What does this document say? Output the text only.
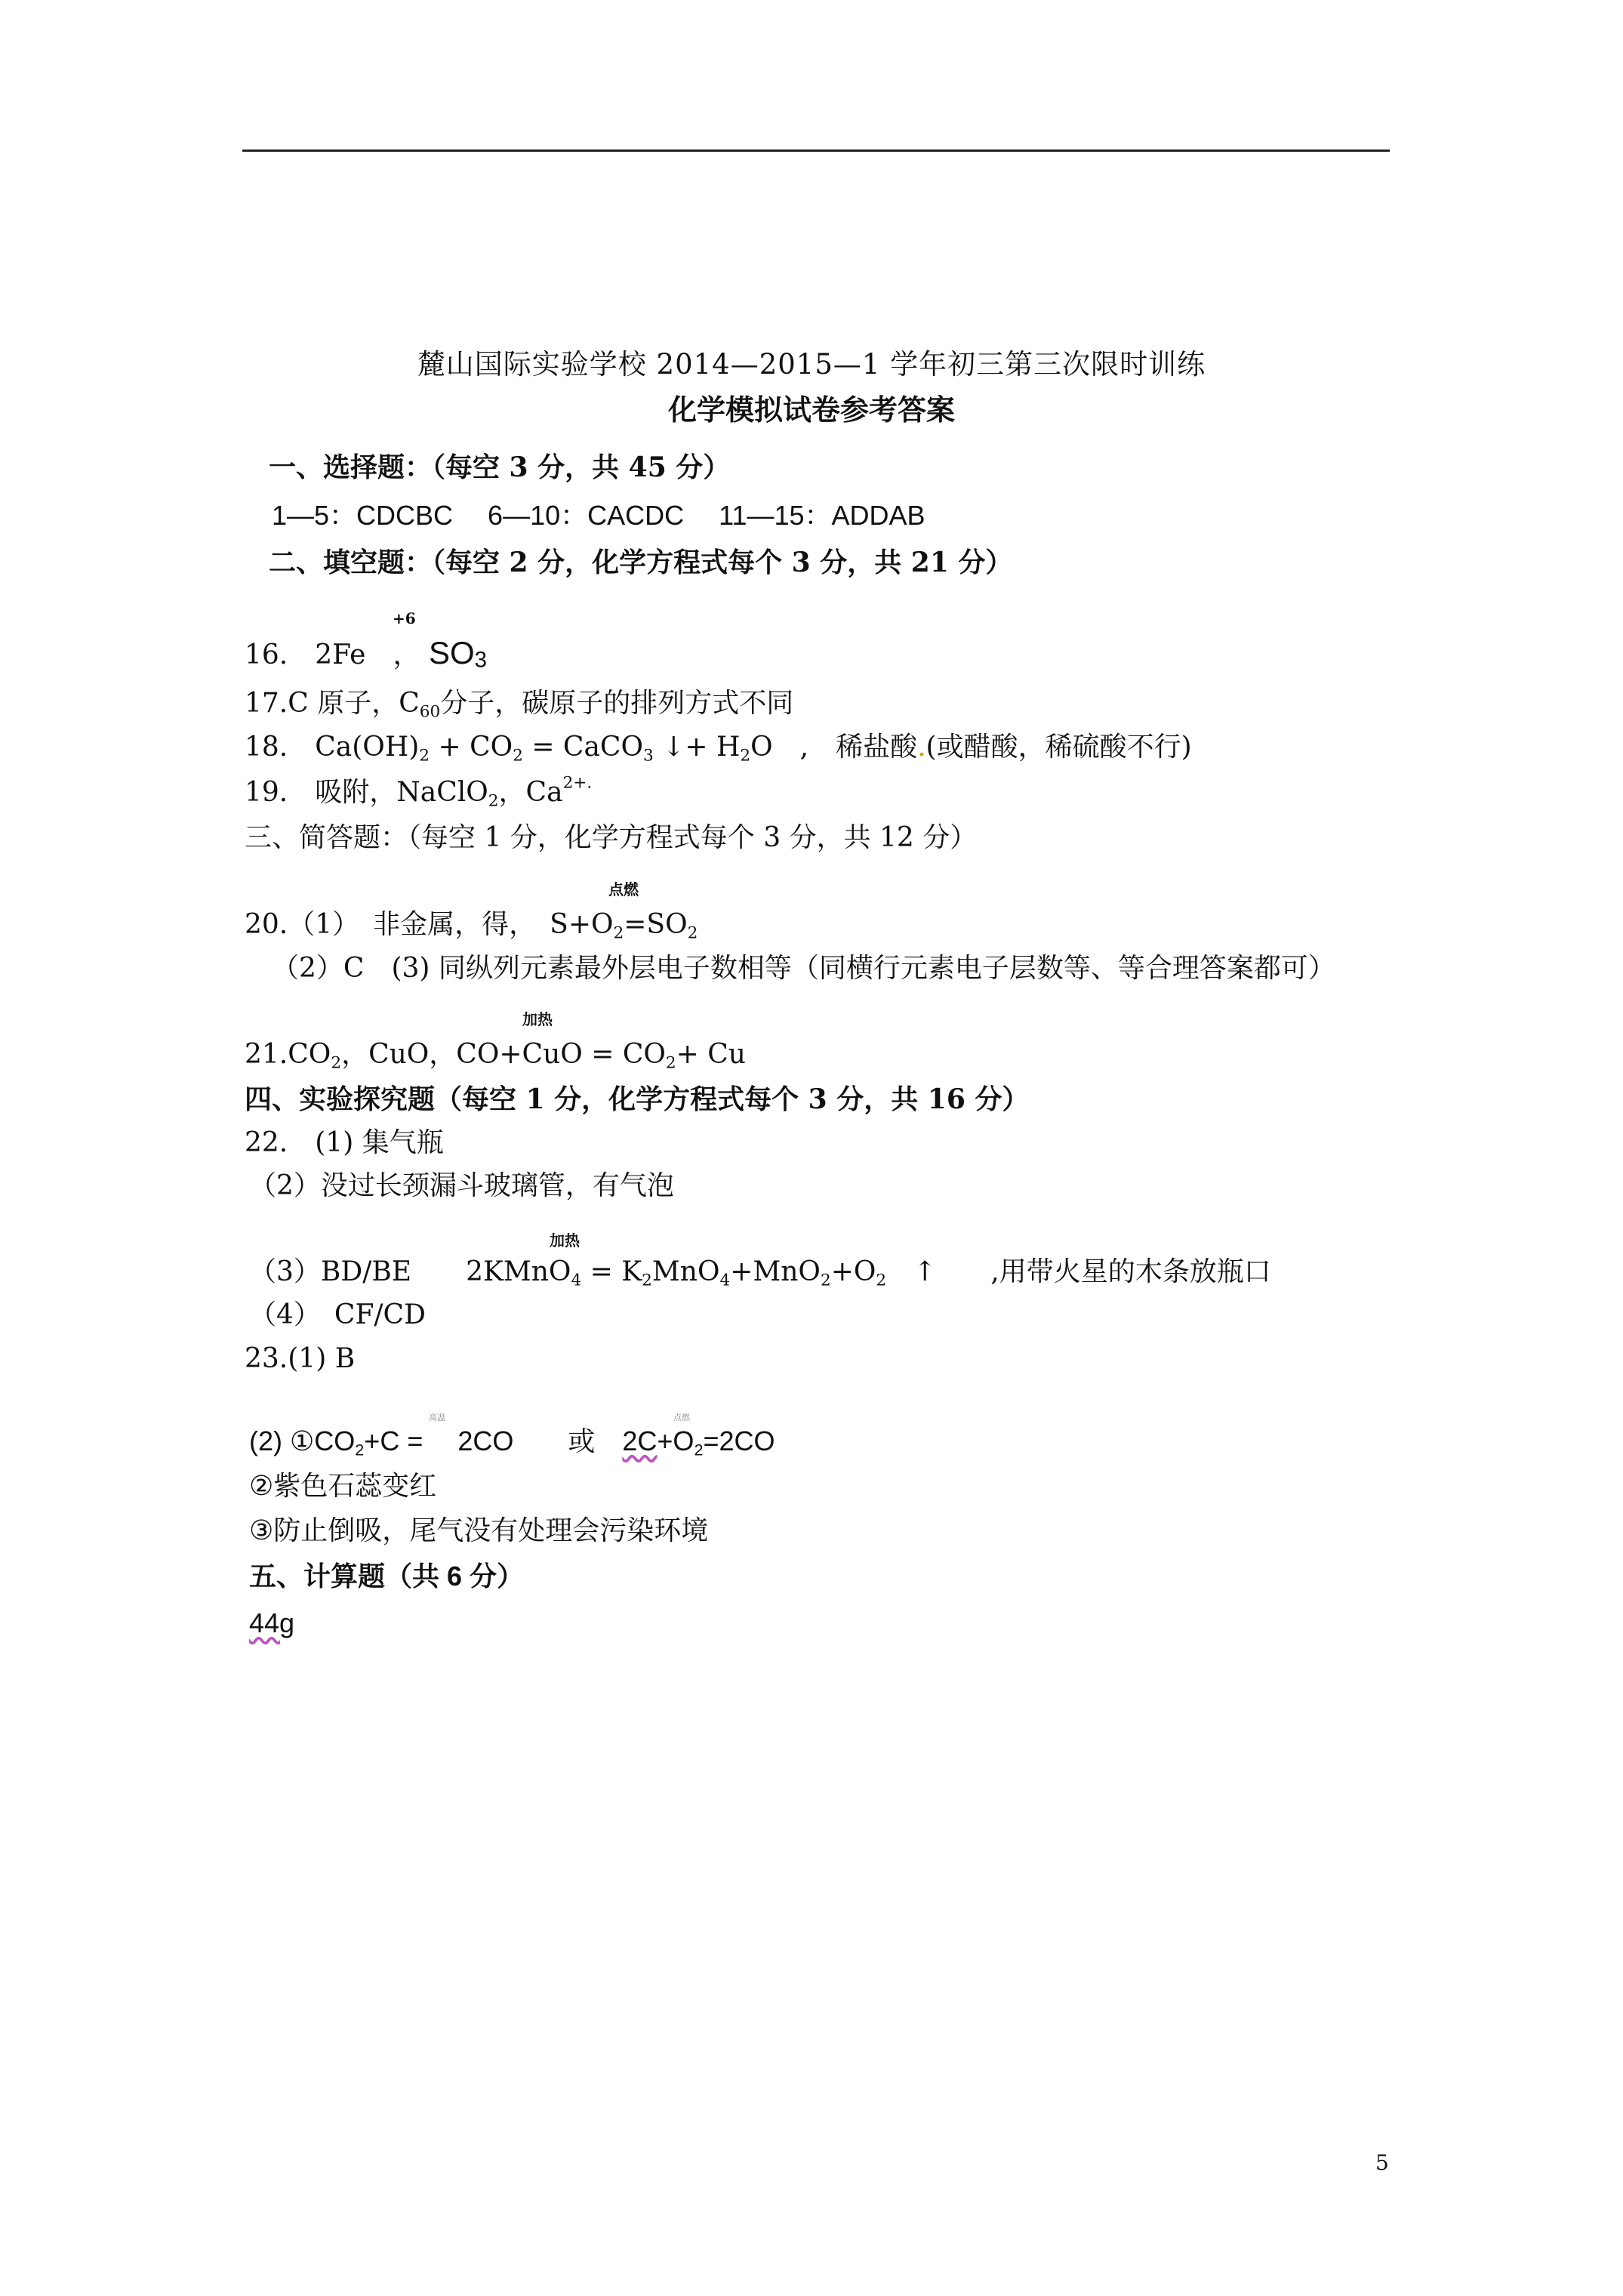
麓山国际实验学校 2014—2015—1 学年初三第三次限时训练
化学模拟试卷参考答案
一、选择题：（每空 3 分，共 45 分）
1—5：CDCBC　 6—10：CACDC　 11—15：ADDAB
二、填空题：（每空 2 分，化学方程式每个 3 分，共 21 分）
+6
16.　2Fe　， $SO_3$
17.C 原子，$C_{60}$分子，碳原子的排列方式不同
18.　$Ca(OH)_2 + CO_2$ = CaCO$_3$ ↓+ $H_2O$　,　稀盐酸.(或醋酸，稀硫酸不行)
19.　吸附，NaClO$_2$，$Ca^{2+.}$
三、简答题：（每空 1 分，化学方程式每个 3 分，共 12 分）
点燃
20.（1）　非金属，得，　$S+O_2=SO_2$
（2）C　(3) 同纵列元素最外层电子数相等（同横行元素电子层数等、等合理答案都可）
加热
$21.CO_2$，CuO，$CO+CuO = CO_2+ Cu$
四、实验探究题（每空 1 分，化学方程式每个 3 分，共 16 分）
22.　(1) 集气瓶
（2）没过长颈漏斗玻璃管，有气泡
加热
（3）BD/BE　　2KMnO$_4$ = $K_2MnO_4+MnO_2+O_2$　↑　　,用带火星的木条放瓶口
（4）　CF/CD
23.(1) B
高温	点燃
(2) $①CO_2+C$ =　 2CO　　或　$2C+O_2=2CO$
②紫色石蕊变红
③防止倒吸，尾气没有处理会污染环境
五、计算题（共 6 分）
44g
5
